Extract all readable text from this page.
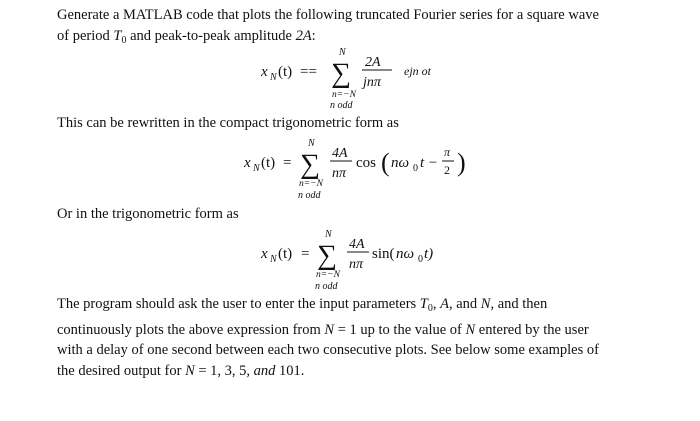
Generate a MATLAB code that plots the following truncated Fourier series for a square wave
of period $T_0$ and peak-to-peak amplitude 2A:
x N (t) ==
N
∑
n=−N
n odd
2A
jnπ
ejn ot
This can be rewritten in the compact trigonometric form as
x N (t) =
N
∑
n=−N
n odd
4A
nπ
cos ( nω 0 t −
π
2 )
Or in the trigonometric form as
x N (t) =
N
∑
n=−N
n odd
4A
nπ
sin( nω 0 t)
The program should ask the user to enter the input parameters $T_0$, A, and N, and then
continuously plots the above expression from N = 1 up to the value of N entered by the user
with a delay of one second between each two consecutive plots. See below some examples of
the desired output for N = 1, 3, 5, and 101.
